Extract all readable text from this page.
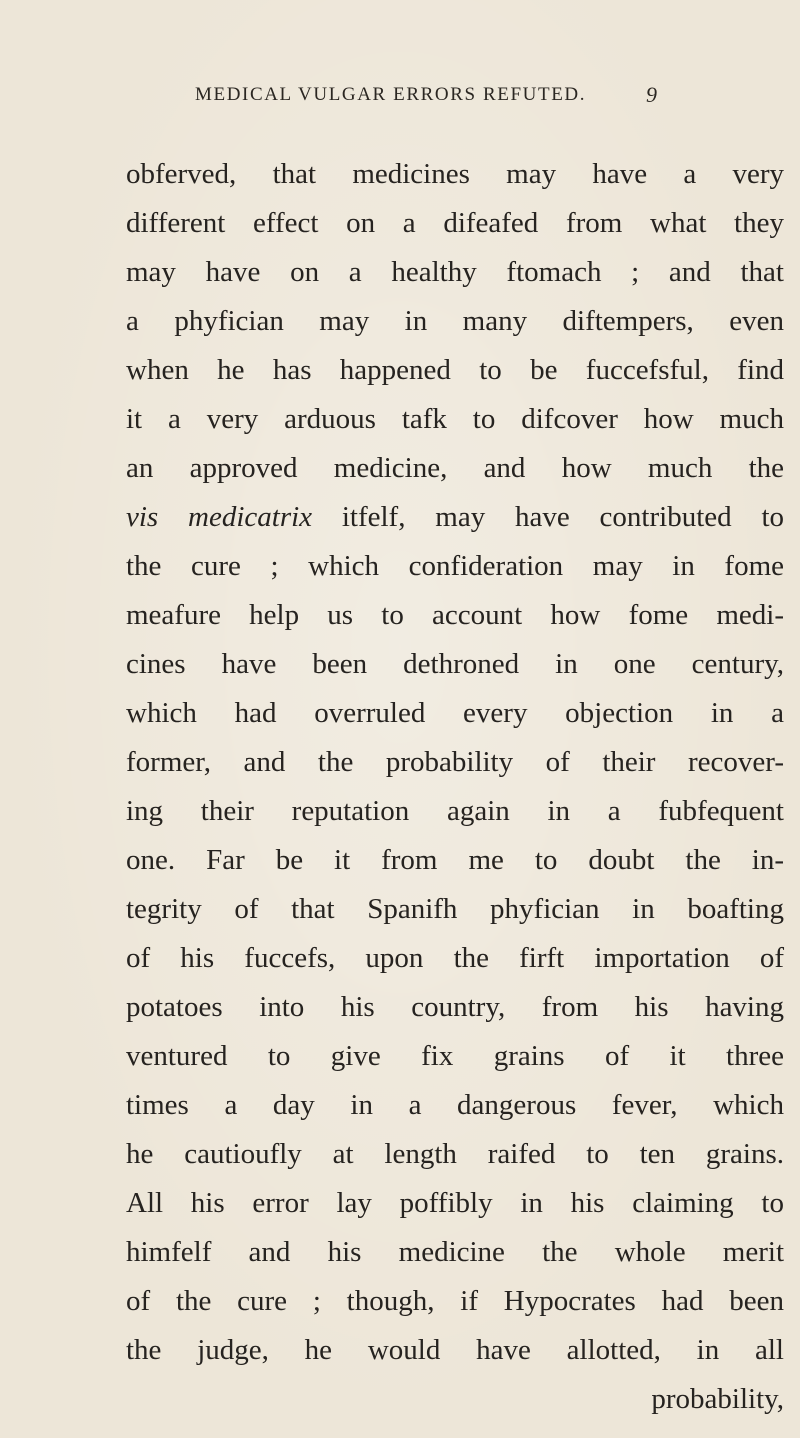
MEDICAL VULGAR ERRORS REFUTED.	9
obferved, that medicines may have a very
different effect on a difeafed from what they
may have on a healthy ftomach ; and that
a phyfician may in many diftempers, even
when he has happened to be fuccefsful, find
it a very arduous tafk to difcover how much
an approved medicine, and how much the
vis medicatrix itfelf, may have contributed to
the cure ; which confideration may in fome
meafure help us to account how fome medi-
cines have been dethroned in one century,
which had overruled every objection in a
former, and the probability of their recover-
ing their reputation again in a fubfequent
one. Far be it from me to doubt the in-
tegrity of that Spanifh phyfician in boafting
of his fuccefs, upon the firft importation of
potatoes into his country, from his having
ventured to give fix grains of it three
times a day in a dangerous fever, which
he cautioufly at length raifed to ten grains.
All his error lay poffibly in his claiming to
himfelf and his medicine the whole merit
of the cure ; though, if Hypocrates had been
the judge, he would have allotted, in all
probability,
